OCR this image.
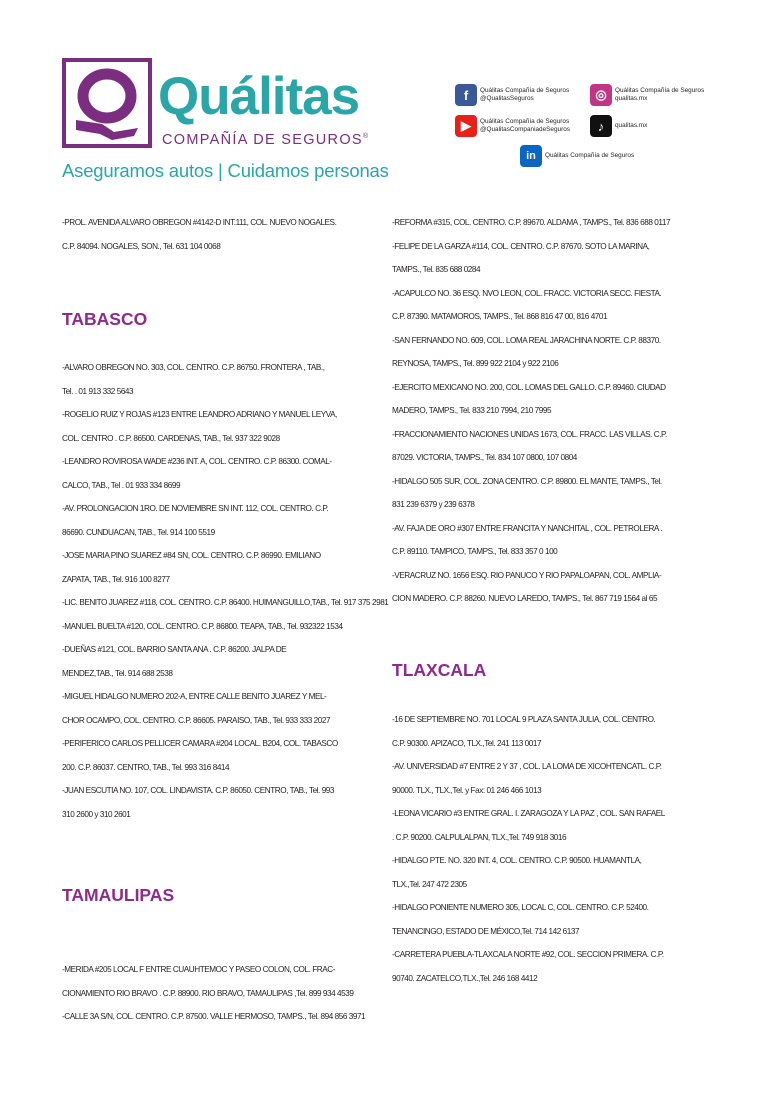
Quálitas
COMPAÑÍA DE SEGUROS®
Aseguramos autos | Cuidamos personas
f	Quálitas Compañía de Seguros
@QualitasSeguros	◎	Quálitas Compañía de Seguros
qualitas.mx
▶	Quálitas Compañía de Seguros
@QualitasCompaniadeSeguros	♪	qualitas.mx
in	Quálitas Compañía de Seguros

-PROL. AVENIDA ALVARO OBREGON #4142-D INT.111, COL. NUEVO NOGALES.

C.P. 84094. NOGALES, SON., Tel. 631 104 0068

TABASCO

-ALVARO OBREGON NO. 303, COL. CENTRO. C.P. 86750. FRONTERA , TAB.,

Tel. . 01 913 332 5643

-ROGELIO RUIZ Y ROJAS #123 ENTRE LEANDRO ADRIANO Y MANUEL LEYVA,

COL. CENTRO . C.P. 86500. CARDENAS, TAB., Tel. 937 322 9028

-LEANDRO ROVIROSA WADE #236 INT. A, COL. CENTRO. C.P. 86300. COMAL-

CALCO, TAB., Tel . 01 933 334 8699

-AV. PROLONGACION 1RO. DE NOVIEMBRE SN INT. 112, COL. CENTRO. C.P.

86690. CUNDUACAN, TAB., Tel. 914 100 5519

-JOSE MARIA PINO SUAREZ #84 SN, COL. CENTRO. C.P. 86990. EMILIANO

ZAPATA, TAB., Tel. 916 100 8277

-LIC. BENITO JUAREZ #118, COL. CENTRO. C.P. 86400. HUIMANGUILLO,TAB., Tel. 917 375 2981

-MANUEL BUELTA #120, COL. CENTRO. C.P. 86800. TEAPA, TAB., Tel. 932322 1534

-DUEÑAS #121, COL. BARRIO SANTA ANA . C.P. 86200. JALPA DE

MENDEZ,TAB., Tel. 914 688 2538

-MIGUEL HIDALGO NUMERO 202-A, ENTRE CALLE BENITO JUAREZ Y MEL-

CHOR OCAMPO, COL. CENTRO. C.P. 86605. PARAISO, TAB., Tel. 933 333 2027

-PERIFERICO CARLOS PELLICER CAMARA #204 LOCAL. B204, COL. TABASCO

200. C.P. 86037. CENTRO, TAB., Tel. 993 316 8414

-JUAN ESCUTIA NO. 107, COL. LINDAVISTA. C.P. 86050. CENTRO, TAB., Tel. 993

310 2600 y 310 2601

TAMAULIPAS

-MERIDA #205 LOCAL F ENTRE CUAUHTEMOC Y PASEO COLON, COL. FRAC-

CIONAMIENTO RIO BRAVO . C.P. 88900. RIO BRAVO, TAMAULIPAS ,Tel. 899 934 4539

-CALLE 3A S/N, COL. CENTRO. C.P. 87500. VALLE HERMOSO, TAMPS., Tel. 894 856 3971

-REFORMA #315, COL. CENTRO. C.P. 89670. ALDAMA , TAMPS., Tel. 836 688 0117

-FELIPE DE LA GARZA #114, COL. CENTRO. C.P. 87670. SOTO LA MARINA,

TAMPS., Tel. 835 688 0284

-ACAPULCO NO. 36 ESQ. NVO LEON, COL. FRACC. VICTORIA SECC. FIESTA.

C.P. 87390. MATAMOROS, TAMPS., Tel. 868 816 47 00, 816 4701

-SAN FERNANDO NO. 609, COL. LOMA REAL JARACHINA NORTE. C.P. 88370.

REYNOSA, TAMPS., Tel. 899 922 2104 y 922 2106

-EJERCITO MEXICANO NO. 200, COL. LOMAS DEL GALLO. C.P. 89460. CIUDAD

MADERO, TAMPS., Tel. 833 210 7994, 210 7995

-FRACCIONAMIENTO NACIONES UNIDAS 1673, COL. FRACC. LAS VILLAS. C.P.

87029. VICTORIA, TAMPS., Tel. 834 107 0800, 107 0804

-HIDALGO 505 SUR, COL. ZONA CENTRO. C.P. 89800. EL MANTE, TAMPS., Tel.

831 239 6379 y 239 6378

-AV. FAJA DE ORO #307 ENTRE FRANCITA Y NANCHITAL , COL. PETROLERA .

C.P. 89110. TAMPICO, TAMPS., Tel. 833 357 0 100

-VERACRUZ NO. 1656 ESQ. RIO PANUCO Y RIO PAPALOAPAN, COL. AMPLIA-

CION MADERO. C.P. 88260. NUEVO LAREDO, TAMPS., Tel. 867 719 1564 al 65

TLAXCALA

-16 DE SEPTIEMBRE NO. 701 LOCAL 9 PLAZA SANTA JULIA, COL. CENTRO.

C.P. 90300. APIZACO, TLX.,Tel. 241 113 0017

-AV. UNIVERSIDAD #7 ENTRE 2 Y 37 , COL. LA LOMA DE XICOHTENCATL. C.P.

90000. TLX., TLX.,Tel. y Fax: 01 246 466 1013

-LEONA VICARIO #3 ENTRE GRAL. I. ZARAGOZA Y LA PAZ , COL. SAN RAFAEL

. C.P. 90200. CALPULALPAN, TLX.,Tel. 749 918 3016

-HIDALGO PTE. NO. 320 INT. 4, COL. CENTRO. C.P. 90500. HUAMANTLA,

TLX.,Tel. 247 472 2305

-HIDALGO PONIENTE NUMERO 305, LOCAL C, COL. CENTRO. C.P. 52400.

TENANCINGO, ESTADO DE MÉXICO,Tel. 714 142 6137

-CARRETERA PUEBLA-TLAXCALA NORTE #92, COL. SECCION PRIMERA. C.P.

90740. ZACATELCO,TLX.,Tel. 246 168 4412
